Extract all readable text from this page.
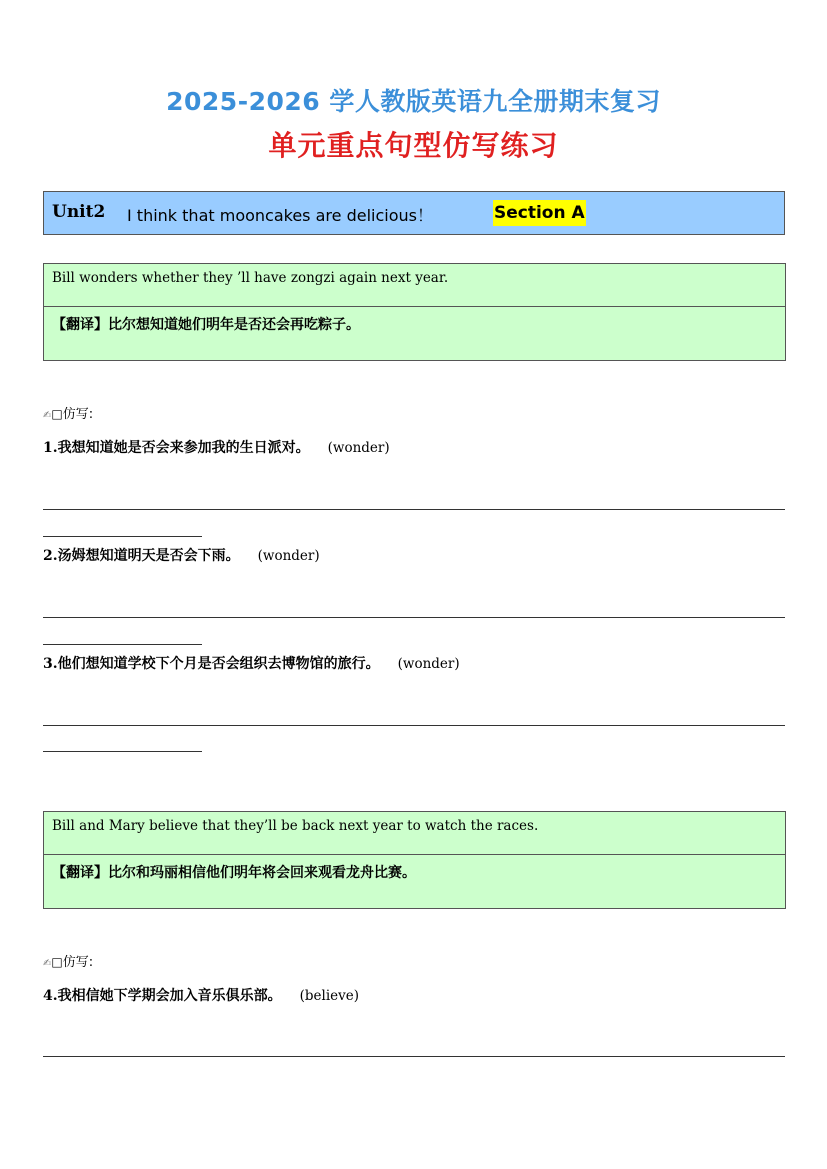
2025-2026 学人教版英语九全册期末复习
单元重点句型仿写练习
Unit2 I think that mooncakes are delicious！	Section A
Bill wonders whether they ’ll have zongzi again next year.
【翻译】比尔想知道她们明年是否还会再吃粽子。
✍□仿写:
1.我想知道她是否会来参加我的生日派对。 (wonder)
2.汤姆想知道明天是否会下雨。 (wonder)
3.他们想知道学校下个月是否会组织去博物馆的旅行。 (wonder)
Bill and Mary believe that they’ll be back next year to watch the races.
【翻译】比尔和玛丽相信他们明年将会回来观看龙舟比赛。
✍□仿写:
4.我相信她下学期会加入音乐俱乐部。 (believe)
